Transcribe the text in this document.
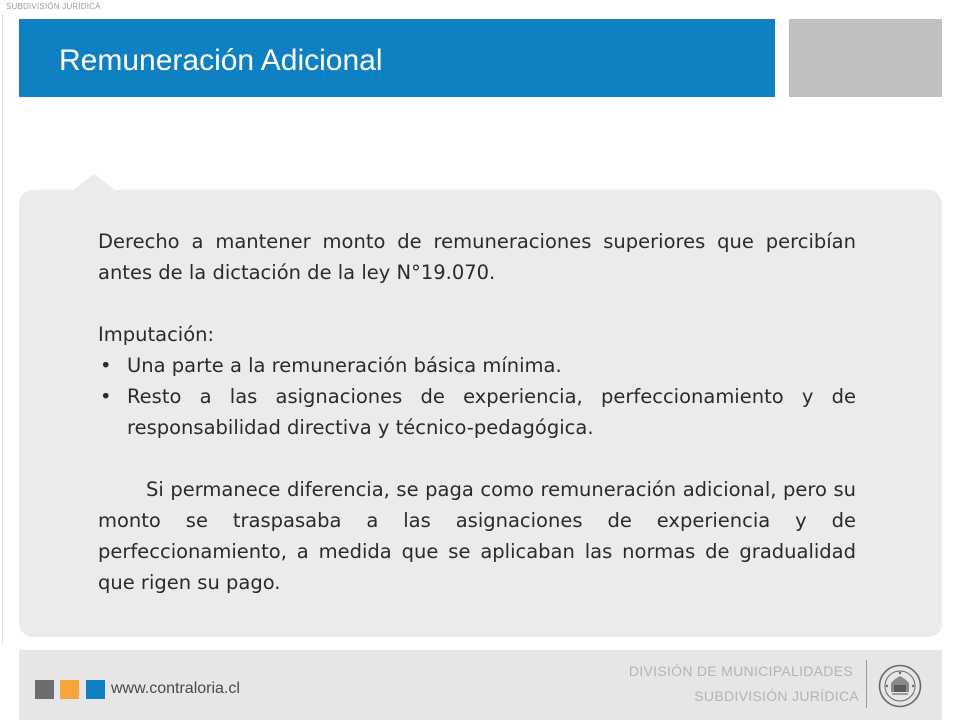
SUBDIVISIÓN JURÍDICA
Remuneración Adicional

Derecho a mantener monto de remuneraciones superiores que percibían antes de la dictación de la ley N°19.070.

Imputación:

• Una parte a la remuneración básica mínima.
• Resto a las asignaciones de experiencia, perfeccionamiento y de responsabilidad directiva y técnico-pedagógica.

Si permanece diferencia, se paga como remuneración adicional, pero su monto se traspasaba a las asignaciones de experiencia y de perfeccionamiento, a medida que se aplicaban las normas de gradualidad que rigen su pago.

www.contraloria.cl
DIVISIÓN DE MUNICIPALIDADES
SUBDIVISIÓN JURÍDICA
